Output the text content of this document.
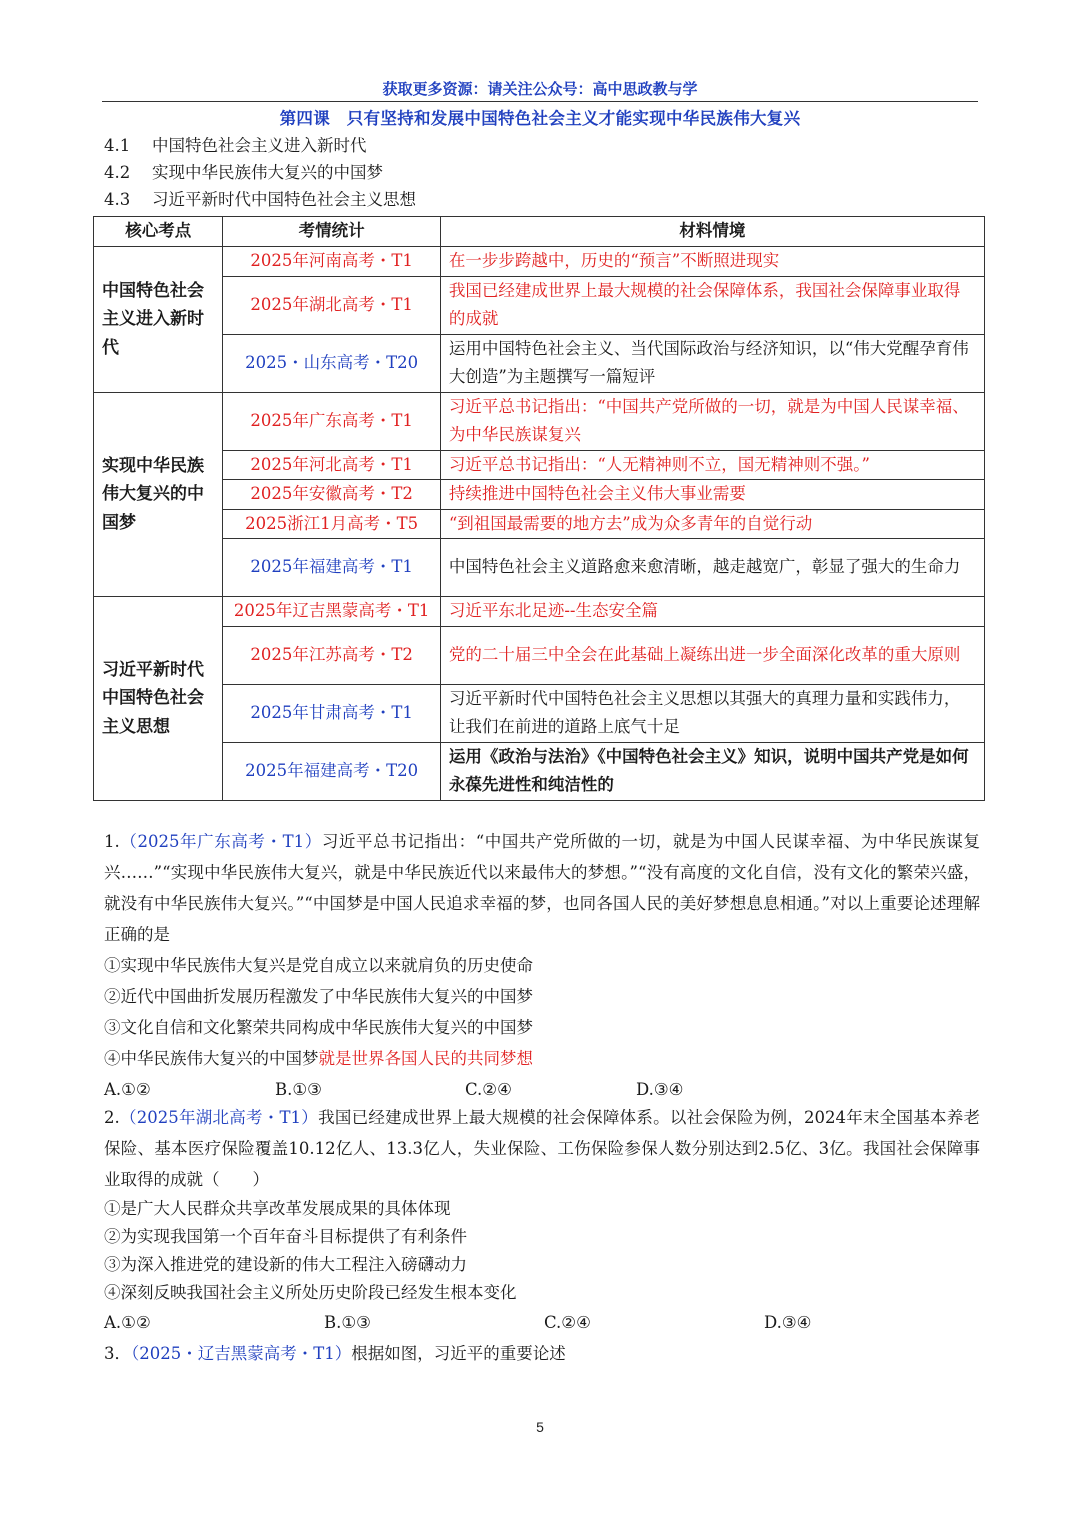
获取更多资源：请关注公众号：高中思政教与学
第四课　只有坚持和发展中国特色社会主义才能实现中华民族伟大复兴
4.1 中国特色社会主义进入新时代
4.2 实现中华民族伟大复兴的中国梦
4.3 习近平新时代中国特色社会主义思想
核心考点	考情统计	材料情境
中国特色社会主义进入新时代	2025年河南高考・T1	在一步步跨越中，历史的“预言”不断照进现实
	2025年湖北高考・T1	我国已经建成世界上最大规模的社会保障体系，我国社会保障事业取得的成就
	2025・山东高考・T20	运用中国特色社会主义、当代国际政治与经济知识，以“伟大党醒孕育伟大创造”为主题撰写一篇短评
实现中华民族伟大复兴的中国梦	2025年广东高考・T1	习近平总书记指出：“中国共产党所做的一切，就是为中国人民谋幸福、为中华民族谋复兴
	2025年河北高考・T1	习近平总书记指出：“人无精神则不立，国无精神则不强。”
	2025年安徽高考・T2	持续推进中国特色社会主义伟大事业需要
	2025浙江1月高考・T5	“到祖国最需要的地方去”成为众多青年的自觉行动
	2025年福建高考・T1	中国特色社会主义道路愈来愈清晰，越走越宽广，彰显了强大的生命力
习近平新时代中国特色社会主义思想	2025年辽吉黑蒙高考・T1	习近平东北足迹--生态安全篇
	2025年江苏高考・T2	党的二十届三中全会在此基础上凝练出进一步全面深化改革的重大原则
	2025年甘肃高考・T1	习近平新时代中国特色社会主义思想以其强大的真理力量和实践伟力，让我们在前进的道路上底气十足
	2025年福建高考・T20	运用《政治与法治》《中国特色社会主义》知识，说明中国共产党是如何永葆先进性和纯洁性的

1.（2025年广东高考・T1）习近平总书记指出：“中国共产党所做的一切，就是为中国人民谋幸福、为中华民族谋复兴……”“实现中华民族伟大复兴，就是中华民族近代以来最伟大的梦想。”“没有高度的文化自信，没有文化的繁荣兴盛，就没有中华民族伟大复兴。”“中国梦是中国人民追求幸福的梦，也同各国人民的美好梦想息息相通。”对以上重要论述理解正确的是

①实现中华民族伟大复兴是党自成立以来就肩负的历史使命

②近代中国曲折发展历程激发了中华民族伟大复兴的中国梦

③文化自信和文化繁荣共同构成中华民族伟大复兴的中国梦

④中华民族伟大复兴的中国梦就是世界各国人民的共同梦想

A.①②	B.①③	C.②④	D.③④

2.（2025年湖北高考・T1）我国已经建成世界上最大规模的社会保障体系。以社会保险为例，2024年末全国基本养老保险、基本医疗保险覆盖10.12亿人、13.3亿人，失业保险、工伤保险参保人数分别达到2.5亿、3亿。我国社会保障事业取得的成就（　　）

①是广大人民群众共享改革发展成果的具体体现

②为实现我国第一个百年奋斗目标提供了有利条件

③为深入推进党的建设新的伟大工程注入磅礴动力

④深刻反映我国社会主义所处历史阶段已经发生根本变化

A.①②	B.①③	C.②④	D.③④

3．（2025・辽吉黑蒙高考・T1）根据如图，习近平的重要论述

5
